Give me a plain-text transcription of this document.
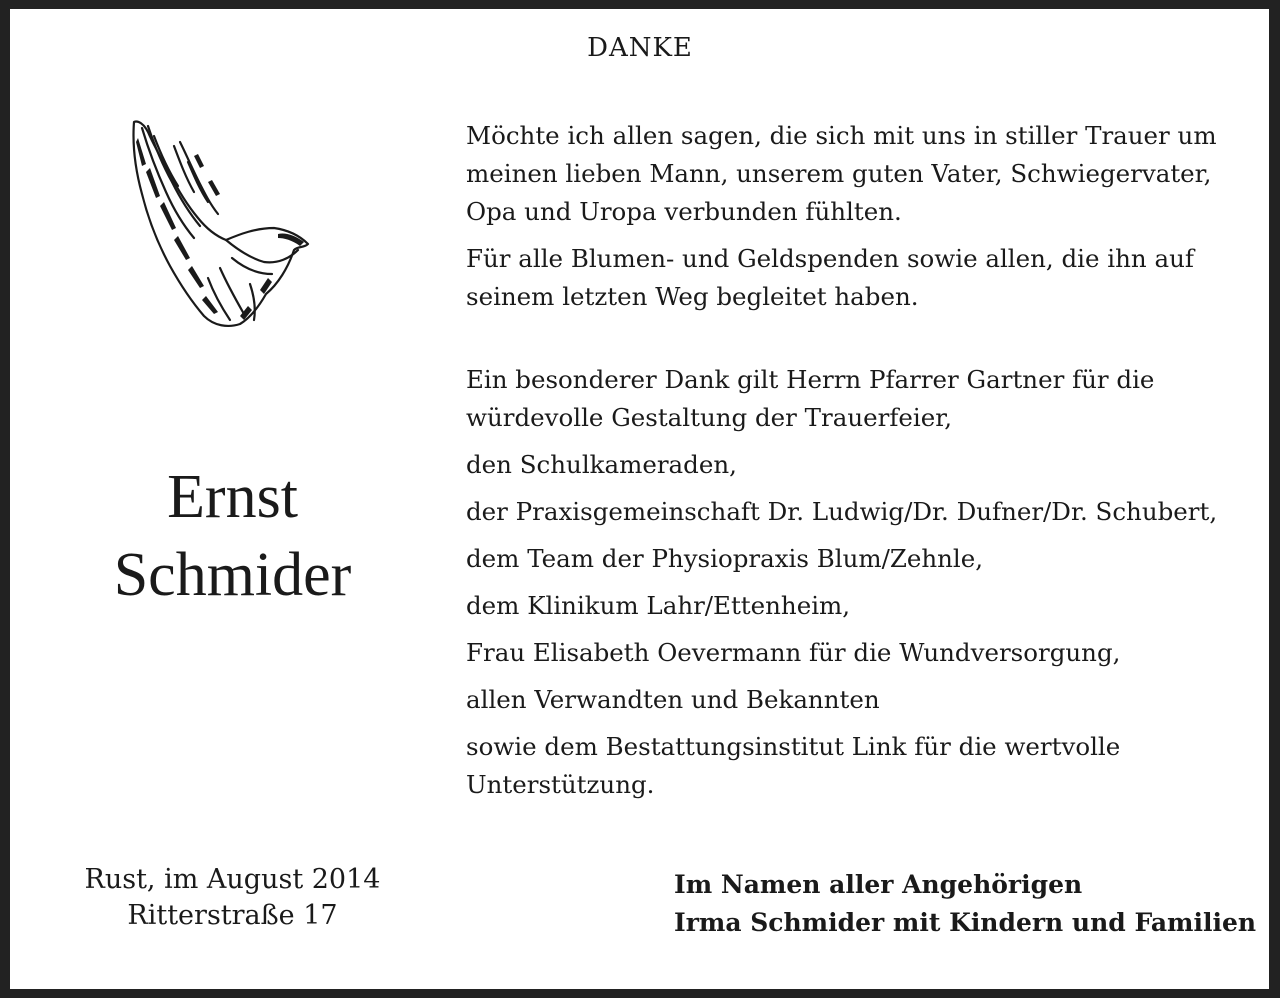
DANKE
Ernst
Schmider
Rust, im August 2014
Ritterstraße 17

Möchte ich allen sagen, die sich mit uns in stiller Trauer um

meinen lieben Mann, unserem guten Vater, Schwiegervater,

Opa und Uropa verbunden fühlten.

Für alle Blumen- und Geldspenden sowie allen, die ihn auf

seinem letzten Weg begleitet haben.

Ein besonderer Dank gilt Herrn Pfarrer Gartner für die

würdevolle Gestaltung der Trauerfeier,

den Schulkameraden,

der Praxisgemeinschaft Dr. Ludwig/Dr. Dufner/Dr. Schubert,

dem Team der Physiopraxis Blum/Zehnle,

dem Klinikum Lahr/Ettenheim,

Frau Elisabeth Oevermann für die Wundversorgung,

allen Verwandten und Bekannten

sowie dem Bestattungsinstitut Link für die wertvolle

Unterstützung.

Im Namen aller Angehörigen
Irma Schmider mit Kindern und Familien
